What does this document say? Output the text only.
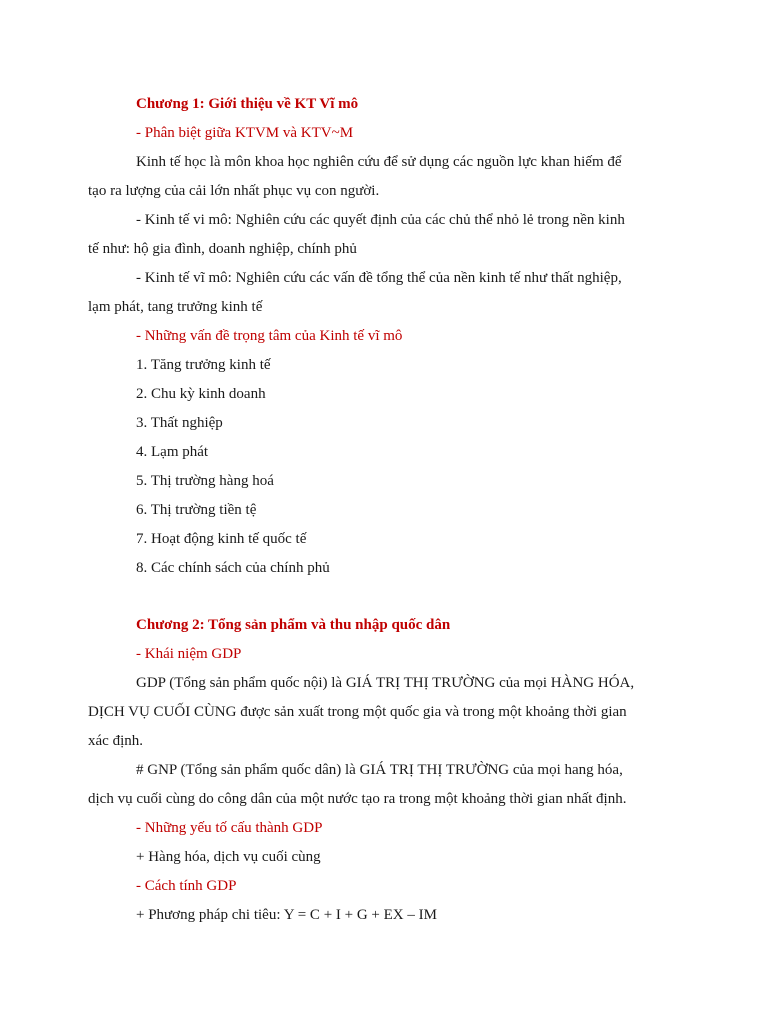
Chương 1: Giới thiệu về KT Vĩ mô
- Phân biệt giữa KTVM và KTV~M
Kinh tế học là môn khoa học nghiên cứu để sử dụng các nguồn lực khan hiếm để
tạo ra lượng của cải lớn nhất phục vụ con người.
- Kinh tế vi mô: Nghiên cứu các quyết định của các chủ thể nhỏ lẻ trong nền kinh
tế như: hộ gia đình, doanh nghiệp, chính phủ
- Kinh tế vĩ mô: Nghiên cứu các vấn đề tổng thể của nền kinh tế như thất nghiệp,
lạm phát, tang trưởng kinh tế
- Những vấn đề trọng tâm của Kinh tế vĩ mô
1. Tăng trưởng kinh tế
2. Chu kỳ kinh doanh
3. Thất nghiệp
4. Lạm phát
5. Thị trường hàng hoá
6. Thị trường tiền tệ
7. Hoạt động kinh tế quốc tế
8. Các chính sách của chính phủ
Chương 2: Tổng sản phẩm và thu nhập quốc dân
- Khái niệm GDP
GDP (Tổng sản phẩm quốc nội) là GIÁ TRỊ THỊ TRƯỜNG của mọi HÀNG HÓA,
DỊCH VỤ CUỐI CÙNG được sản xuất trong một quốc gia và trong một khoảng thời gian
xác định.
# GNP (Tổng sản phẩm quốc dân) là GIÁ TRỊ THỊ TRƯỜNG của mọi hang hóa,
dịch vụ cuối cùng do công dân của một nước tạo ra trong một khoảng thời gian nhất định.
- Những yếu tố cấu thành GDP
+ Hàng hóa, dịch vụ cuối cùng
- Cách tính GDP
+ Phương pháp chi tiêu: Y = C + I + G + EX – IM
